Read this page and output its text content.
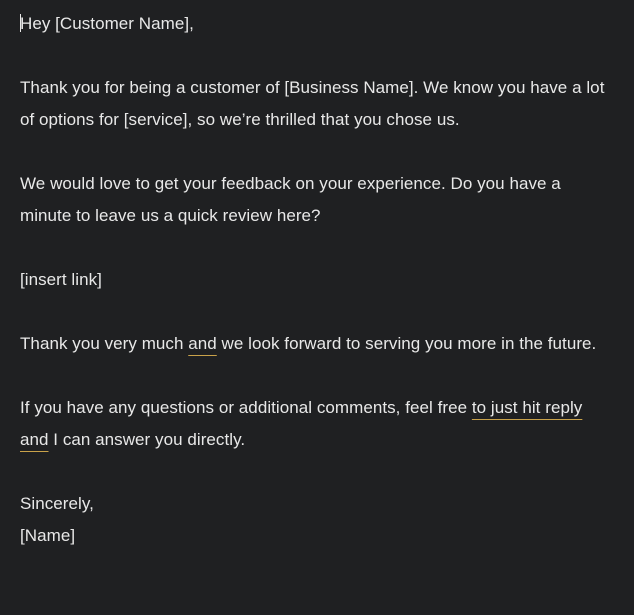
Hey [Customer Name],
Thank you for being a customer of [Business Name]. We know you have a lot of options for [service], so we’re thrilled that you chose us.
We would love to get your feedback on your experience. Do you have a minute to leave us a quick review here?
[insert link]
Thank you very much and we look forward to serving you more in the future.
If you have any questions or additional comments, feel free to just hit reply and I can answer you directly.
Sincerely,
[Name]
